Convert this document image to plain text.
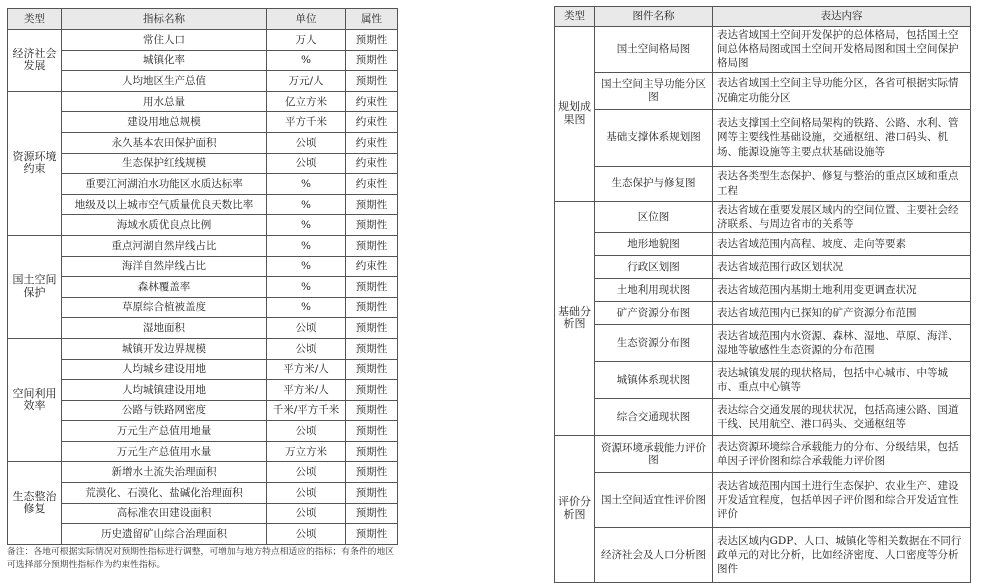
类型	指标名称	单位	属性
经济社会发展	常住人口	万人	预期性
	城镇化率	%	预期性
	人均地区生产总值	万元/人	预期性
资源环境约束	用水总量	亿立方米	约束性
	建设用地总规模	平方千米	约束性
	永久基本农田保护面积	公顷	约束性
	生态保护红线规模	公顷	约束性
	重要江河湖泊水功能区水质达标率	%	约束性
	地级及以上城市空气质量优良天数比率	%	预期性
	海域水质优良点比例	%	预期性
国土空间保护	重点河湖自然岸线占比	%	预期性
	海洋自然岸线占比	%	约束性
	森林覆盖率	%	预期性
	草原综合植被盖度	%	预期性
	湿地面积	公顷	预期性
空间利用效率	城镇开发边界规模	公顷	预期性
	人均城乡建设用地	平方米/人	预期性
	人均城镇建设用地	平方米/人	预期性
	公路与铁路网密度	千米/平方千米	预期性
	万元生产总值用地量	公顷	预期性
	万元生产总值用水量	万立方米	预期性
生态整治修复	新增水土流失治理面积	公顷	预期性
	荒漠化、石漠化、盐碱化治理面积	公顷	预期性
	高标准农田建设面积	公顷	预期性
	历史遗留矿山综合治理面积	公顷	预期性
备注：各地可根据实际情况对预期性指标进行调整，可增加与地方特点相适应的指标；有条件的地区可选择部分预期性指标作为约束性指标。
类型	图件名称	表达内容
规划成果图	国土空间格局图	表达省域国土空间开发保护的总体格局，包括国土空间总体格局图或国土空间开发格局图和国土空间保护格局图
	国土空间主导功能分区图	表达省域国土空间主导功能分区，各省可根据实际情况确定功能分区
	基础支撑体系规划图	表达支撑国土空间格局架构的铁路、公路、水利、管网等主要线性基础设施，交通枢纽、港口码头、机场、能源设施等主要点状基础设施等
	生态保护与修复图	表达各类型生态保护、修复与整治的重点区域和重点工程
基础分析图	区位图	表达省域在重要发展区域内的空间位置、主要社会经济联系、与周边省市的关系等
	地形地貌图	表达省域范围内高程、坡度、走向等要素
	行政区划图	表达省域范围行政区划状况
	土地利用现状图	表达省域范围内基期土地利用变更调查状况
	矿产资源分布图	表达省域范围内已探知的矿产资源分布范围
	生态资源分布图	表达省域范围内水资源、森林、湿地、草原、海洋、湿地等敏感性生态资源的分布范围
	城镇体系现状图	表达城镇发展的现状格局，包括中心城市、中等城市、重点中心镇等
	综合交通现状图	表达综合交通发展的现状状况，包括高速公路、国道干线、民用航空、港口码头、交通枢纽等
评价分析图	资源环境承载能力评价图	表达资源环境综合承载能力的分布、分级结果，包括单因子评价图和综合承载能力评价图
	国土空间适宜性评价图	表达省域范围内国土进行生态保护、农业生产、建设开发适宜程度，包括单因子评价图和综合开发适宜性评价
	经济社会及人口分析图	表达区域内GDP、人口、城镇化等相关数据在不同行政单元的对比分析，比如经济密度、人口密度等分析图件
